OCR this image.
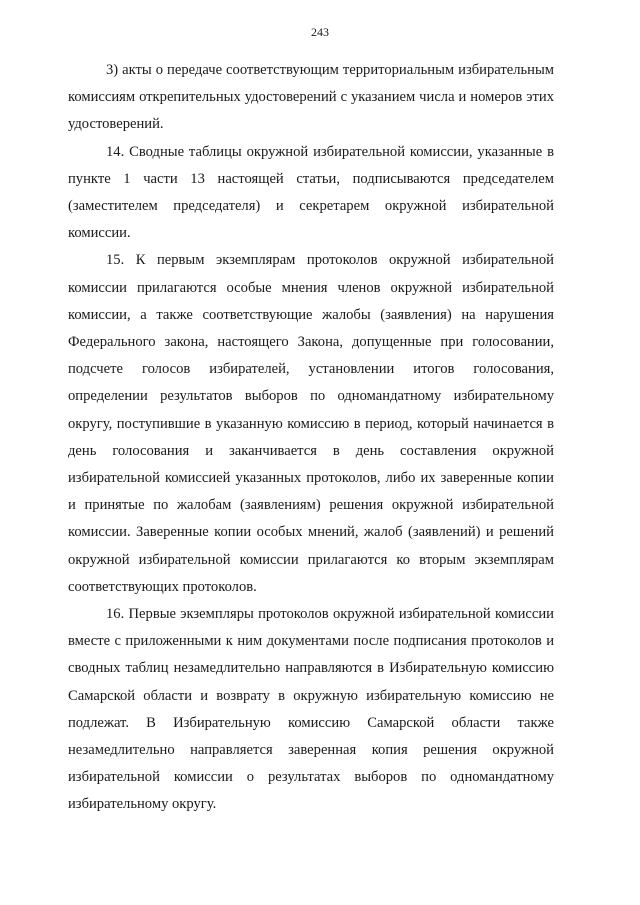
243

3) акты о передаче соответствующим территориальным избирательным комиссиям открепительных удостоверений с указанием числа и номеров этих удостоверений.

14. Сводные таблицы окружной избирательной комиссии, указанные в пункте 1 части 13 настоящей статьи, подписываются председателем (заместителем председателя) и секретарем окружной избирательной комиссии.

15. К первым экземплярам протоколов окружной избирательной комиссии прилагаются особые мнения членов окружной избирательной комиссии, а также соответствующие жалобы (заявления) на нарушения Федерального закона, настоящего Закона, допущенные при голосовании, подсчете голосов избирателей, установлении итогов голосования, определении результатов выборов по одномандатному избирательному округу, поступившие в указанную комиссию в период, который начинается в день голосования и заканчивается в день составления окружной избирательной комиссией указанных протоколов, либо их заверенные копии и принятые по жалобам (заявлениям) решения окружной избирательной комиссии. Заверенные копии особых мнений, жалоб (заявлений) и решений окружной избирательной комиссии прилагаются ко вторым экземплярам соответствующих протоколов.

16. Первые экземпляры протоколов окружной избирательной комиссии вместе с приложенными к ним документами после подписания протоколов и сводных таблиц незамедлительно направляются в Избирательную комиссию Самарской области и возврату в окружную избирательную комиссию не подлежат. В Избирательную комиссию Самарской области также незамедлительно направляется заверенная копия решения окружной избирательной комиссии о результатах выборов по одномандатному избирательному округу.
